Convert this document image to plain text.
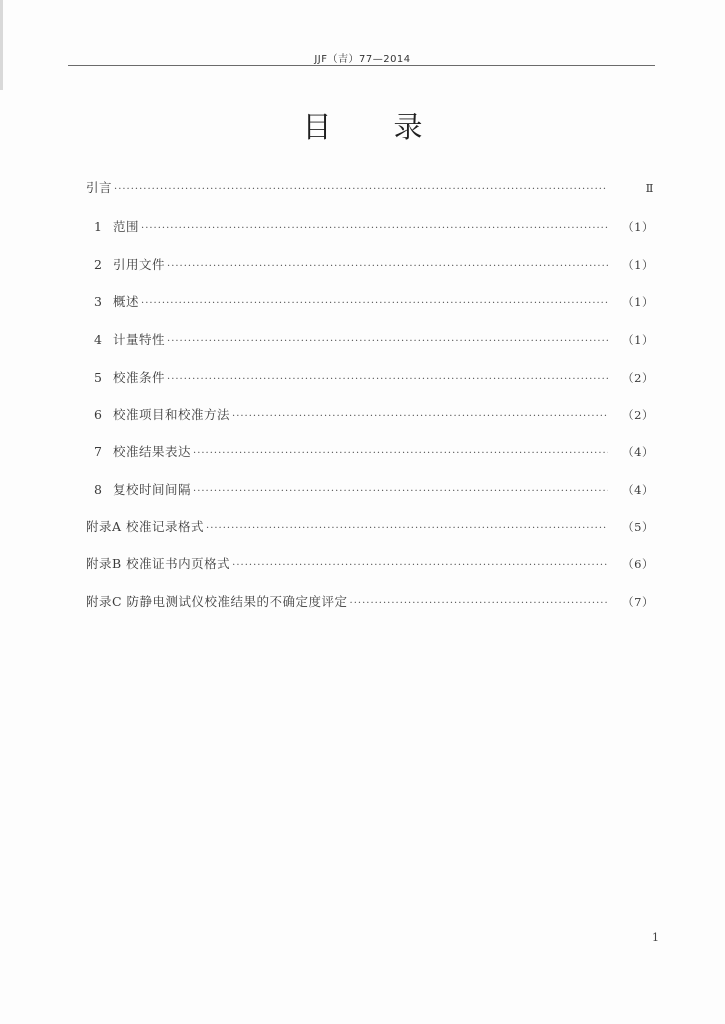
JJF（吉）77—2014
目 录
引言 ·····	Ⅱ
1 范围 ·····	（1）
2 引用文件 ·····	（1）
3 概述 ·····	（1）
4 计量特性 ·····	（1）
5 校准条件 ·····	（2）
6 校准项目和校准方法 ·····	（2）
7 校准结果表达 ·····	（4）
8 复校时间间隔 ·····	（4）
附录A 校准记录格式 ·····	（5）
附录B 校准证书内页格式 ·····	（6）
附录C 防静电测试仪校准结果的不确定度评定 ·····	（7）
1
